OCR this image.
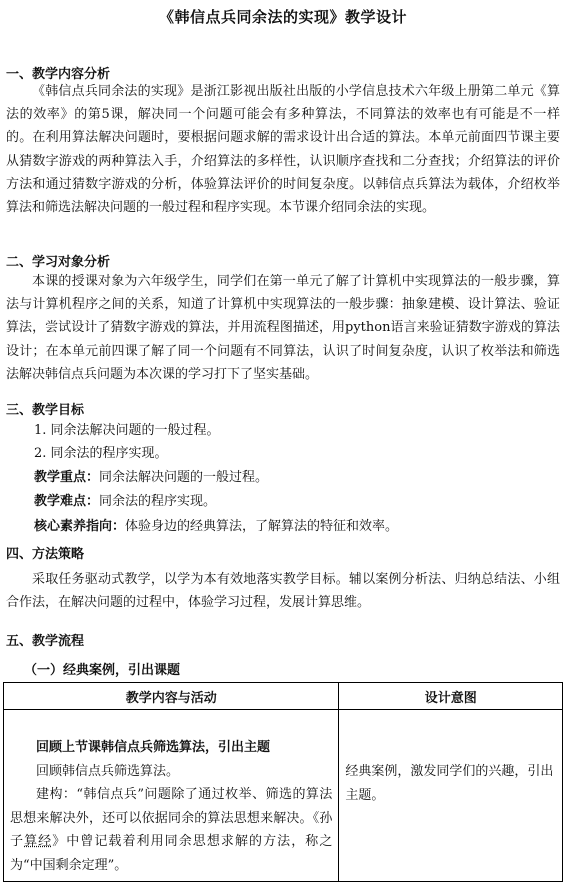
《韩信点兵同余法的实现》教学设计
一、教学内容分析

《韩信点兵同余法的实现》是浙江影视出版社出版的小学信息技术六年级上册第二单元《算法的效率》的第5课，解决同一个问题可能会有多种算法，不同算法的效率也有可能是不一样的。在利用算法解决问题时，要根据问题求解的需求设计出合适的算法。本单元前面四节课主要从猜数字游戏的两种算法入手，介绍算法的多样性，认识顺序查找和二分查找；介绍算法的评价方法和通过猜数字游戏的分析，体验算法评价的时间复杂度。以韩信点兵算法为载体，介绍枚举算法和筛选法解决问题的一般过程和程序实现。本节课介绍同余法的实现。

二、学习对象分析

本课的授课对象为六年级学生，同学们在第一单元了解了计算机中实现算法的一般步骤，算法与计算机程序之间的关系，知道了计算机中实现算法的一般步骤：抽象建模、设计算法、验证算法，尝试设计了猜数字游戏的算法，并用流程图描述，用python语言来验证猜数字游戏的算法设计；在本单元前四课了解了同一个问题有不同算法，认识了时间复杂度，认识了枚举法和筛选法解决韩信点兵问题为本次课的学习打下了坚实基础。

三、教学目标
1. 同余法解决问题的一般过程。
2. 同余法的程序实现。
教学重点：同余法解决问题的一般过程。
教学难点：同余法的程序实现。
核心素养指向：体验身边的经典算法，了解算法的特征和效率。
四、方法策略

采取任务驱动式教学，以学为本有效地落实教学目标。辅以案例分析法、归纳总结法、小组合作法，在解决问题的过程中，体验学习过程，发展计算思维。

五、教学流程
（一）经典案例，引出课题
教学内容与活动	设计意图

回顾上节课韩信点兵筛选算法，引出主题

回顾韩信点兵筛选算法。

建构：“韩信点兵”问题除了通过枚举、筛选的算法思想来解决外，还可以依据同余的算法思想来解决。《孙子算经》中曾记载着利用同余思想求解的方法，称之为“中国剩余定理”。	经典案例，激发同学们的兴趣，引出主题。
